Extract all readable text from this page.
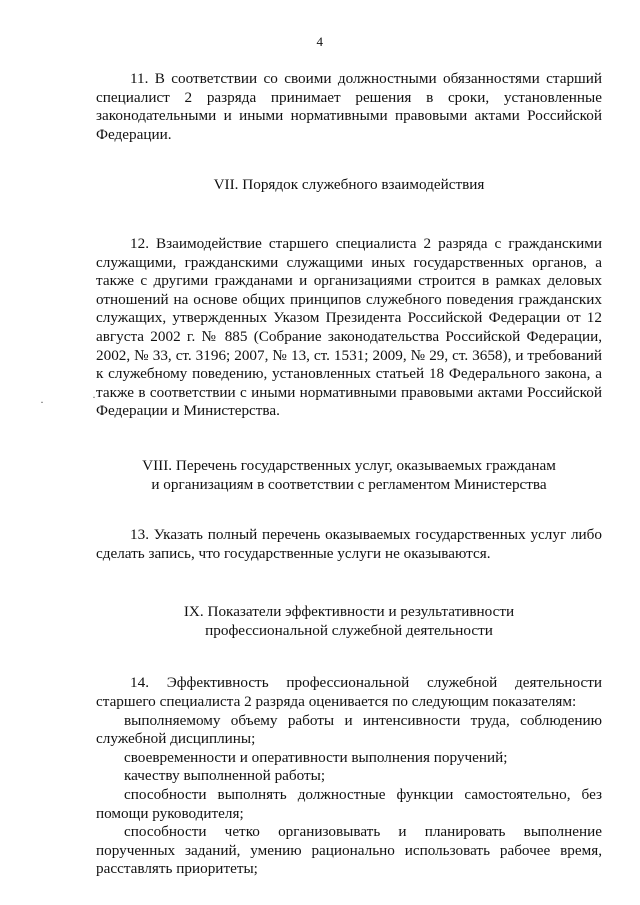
4
·
·

11. В соответствии со своими должностными обязанностями старший специалист 2 разряда принимает решения в сроки, установленные законодательными и иными нормативными правовыми актами Российской Федерации.

VII. Порядок служебного взаимодействия

12. Взаимодействие старшего специалиста 2 разряда с гражданскими служащими, гражданскими служащими иных государственных органов, а также с другими гражданами и организациями строится в рамках деловых отношений на основе общих принципов служебного поведения гражданских служащих, утвержденных Указом Президента Российской Федерации от 12 августа 2002 г. № 885 (Собрание законодательства Российской Федерации, 2002, № 33, ст. 3196; 2007, № 13, ст. 1531; 2009, № 29, ст. 3658), и требований к служебному поведению, установленных статьей 18 Федерального закона, а также в соответствии с иными нормативными правовыми актами Российской Федерации и Министерства.

VIII. Перечень государственных услуг, оказываемых гражданам

и организациям в соответствии с регламентом Министерства

13. Указать полный перечень оказываемых государственных услуг либо сделать запись, что государственные услуги не оказываются.

IX. Показатели эффективности и результативности

профессиональной служебной деятельности

14. Эффективность профессиональной служебной деятельности старшего специалиста 2 разряда оценивается по следующим показателям:

выполняемому объему работы и интенсивности труда, соблюдению служебной дисциплины;

своевременности и оперативности выполнения поручений;

качеству выполненной работы;

способности выполнять должностные функции самостоятельно, без помощи руководителя;

способности четко организовывать и планировать выполнение порученных заданий, умению рационально использовать рабочее время, расставлять приоритеты;
